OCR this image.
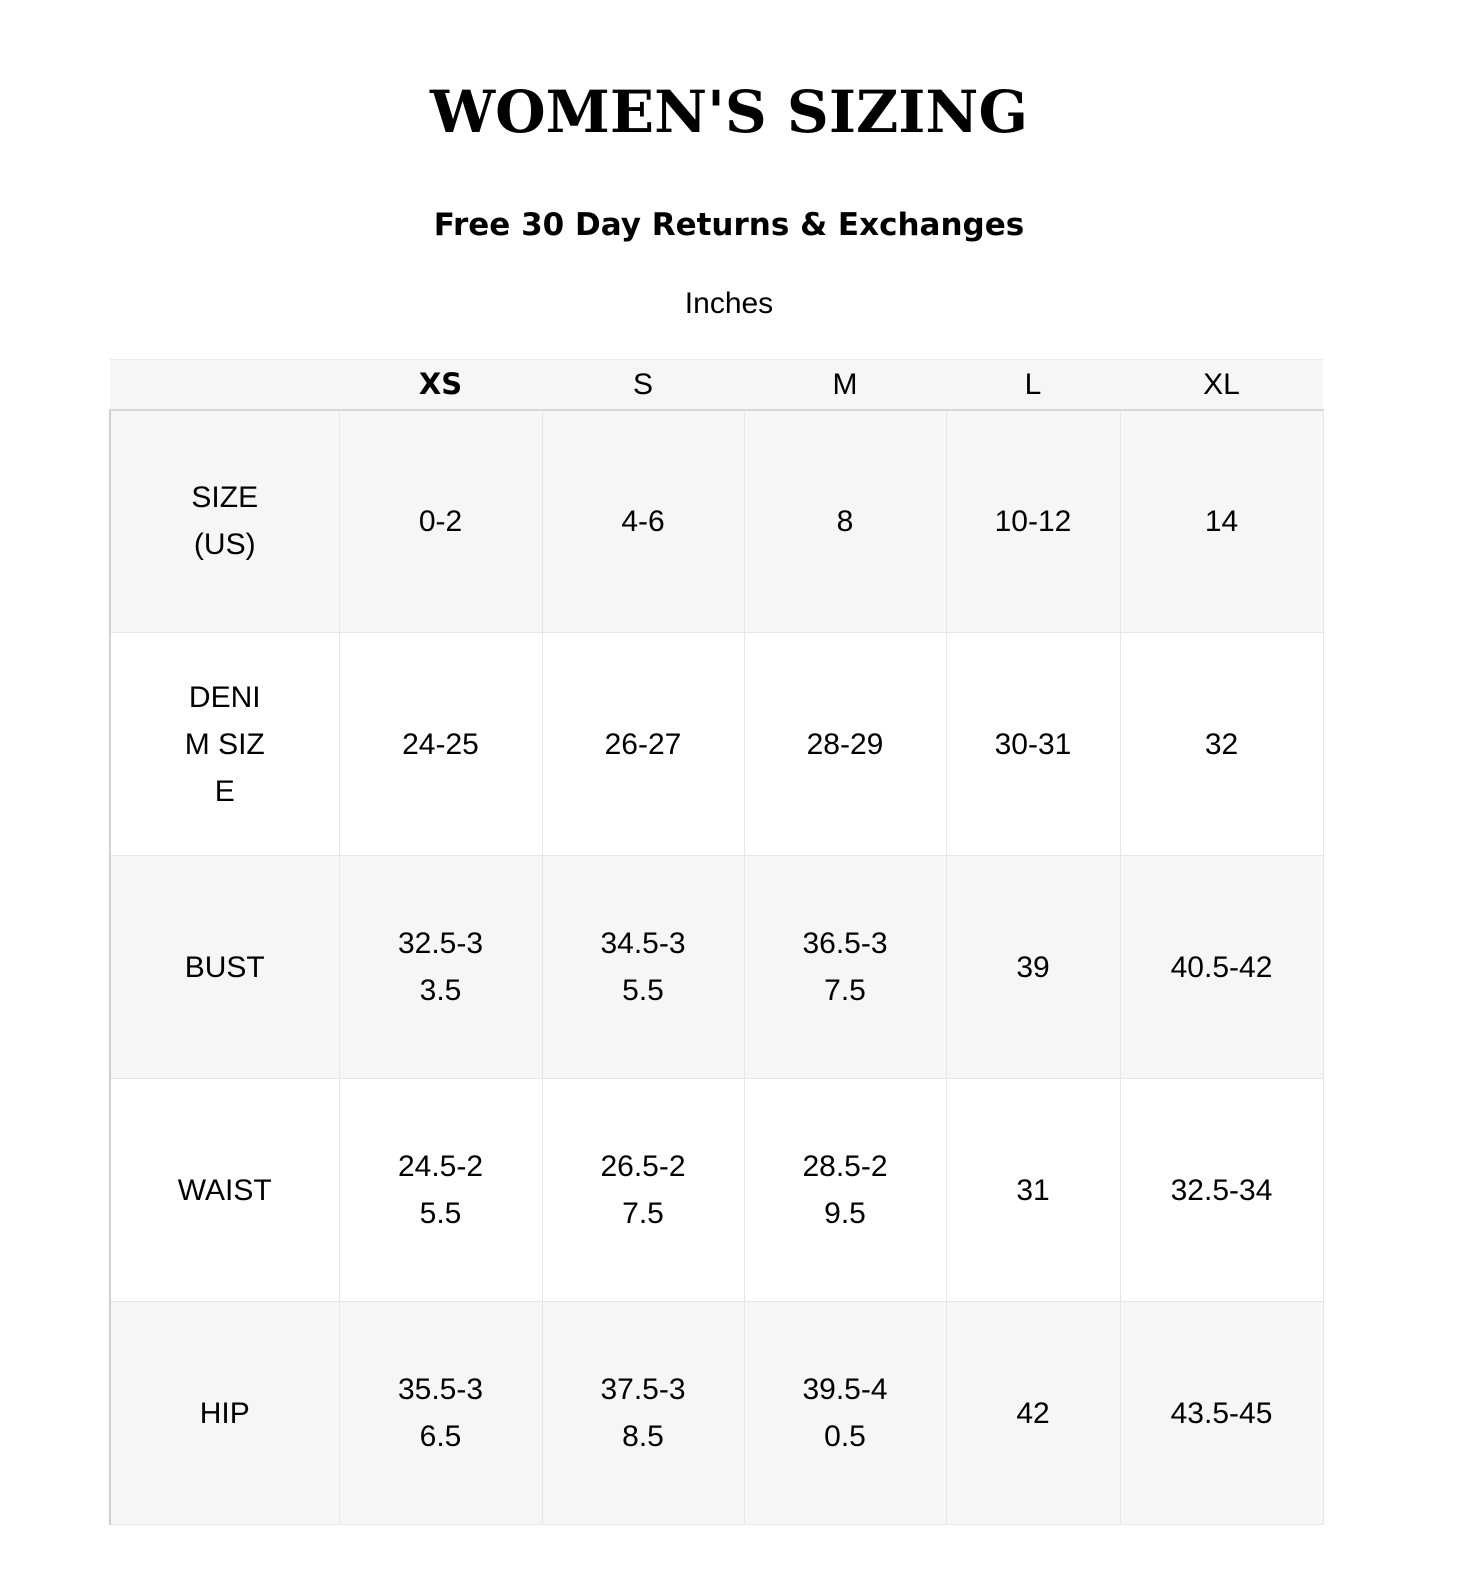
WOMEN'S SIZING
Free 30 Day Returns & Exchanges
Inches
	XS	S	M	L	XL
SIZE (US)	0-2	4-6	8	10-12	14
DENIM SIZE	24-25	26-27	28-29	30-31	32
BUST	32.5-33.5	34.5-35.5	36.5-37.5	39	40.5-42
WAIST	24.5-25.5	26.5-27.5	28.5-29.5	31	32.5-34
HIP	35.5-36.5	37.5-38.5	39.5-40.5	42	43.5-45
